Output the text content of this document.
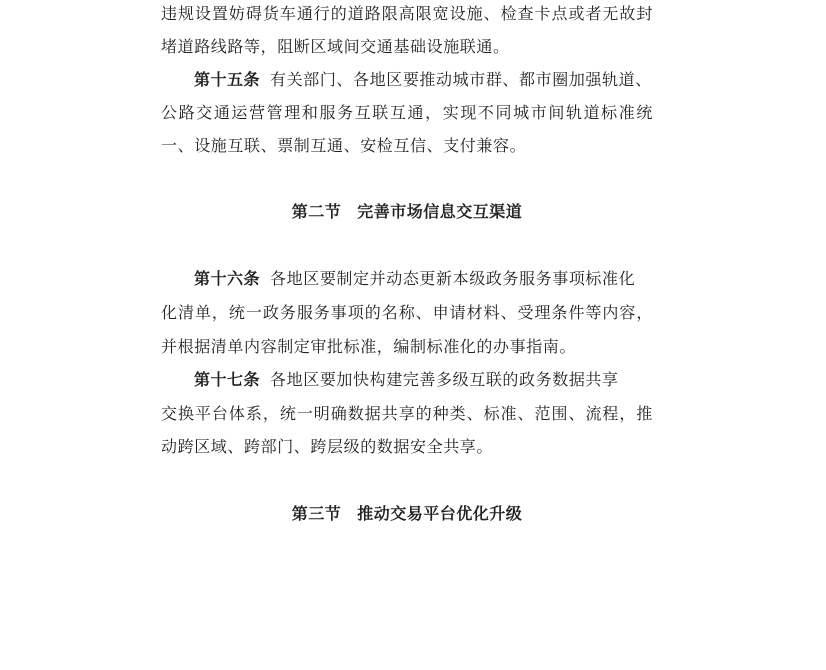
违规设置妨碍货车通行的道路限高限宽设施、检查卡点或者无故封
堵道路线路等，阻断区域间交通基础设施联通。
第十五条 有关部门、各地区要推动城市群、都市圈加强轨道、
公路交通运营管理和服务互联互通，实现不同城市间轨道标准统
一、设施互联、票制互通、安检互信、支付兼容。
第二节 完善市场信息交互渠道
第十六条 各地区要制定并动态更新本级政务服务事项标准化
化清单，统一政务服务事项的名称、申请材料、受理条件等内容，
并根据清单内容制定审批标准，编制标准化的办事指南。
第十七条 各地区要加快构建完善多级互联的政务数据共享
交换平台体系，统一明确数据共享的种类、标准、范围、流程，推
动跨区域、跨部门、跨层级的数据安全共享。
第三节 推动交易平台优化升级
